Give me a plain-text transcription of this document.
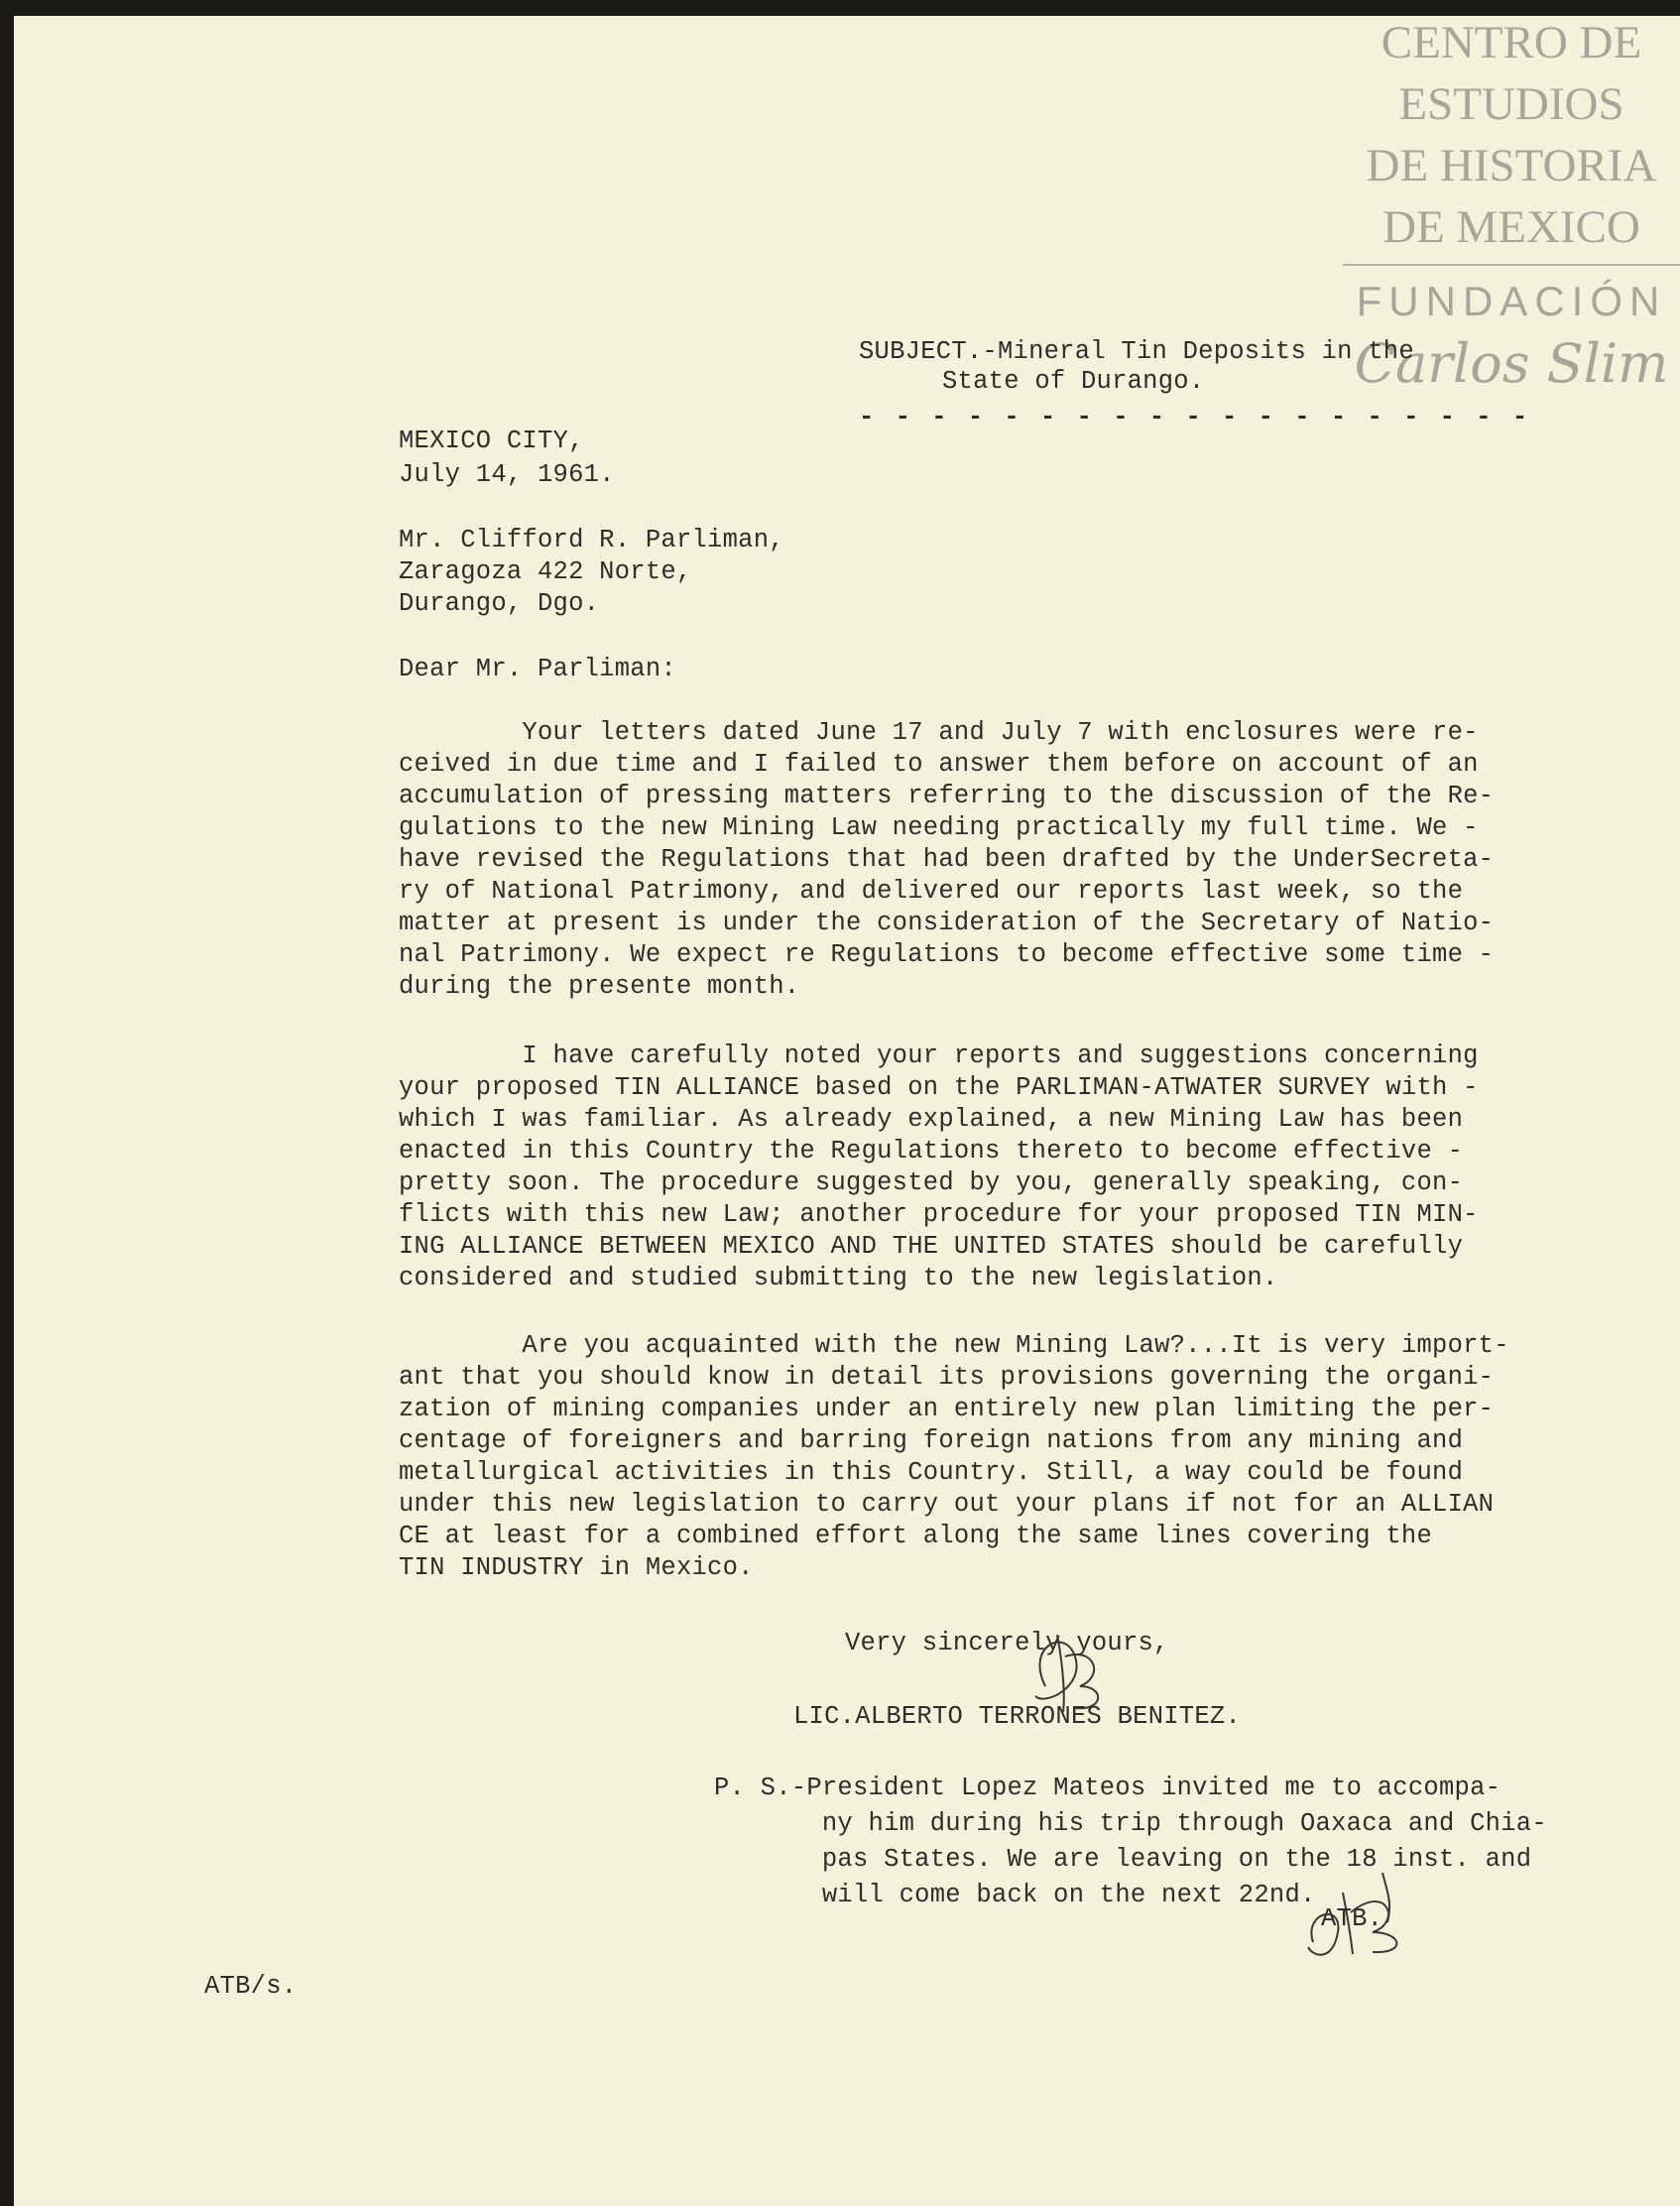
CENTRO DE
ESTUDIOS
DE HISTORIA
DE MEXICO
FUNDACIÓN
Carlos Slim
SUBJECT.-Mineral Tin Deposits in the
State of Durango.
- - - - - - - - - - - - - - - - - - -
MEXICO CITY,
July 14, 1961.
Mr. Clifford R. Parliman,
Zaragoza 422 Norte,
Durango, Dgo.
Dear Mr. Parliman:
Your letters dated June 17 and July 7 with enclosures were re-
ceived in due time and I failed to answer them before on account of an
accumulation of pressing matters referring to the discussion of the Re-
gulations to the new Mining Law needing practically my full time. We -
have revised the Regulations that had been drafted by the UnderSecreta-
ry of National Patrimony, and delivered our reports last week, so the
matter at present is under the consideration of the Secretary of Natio-
nal Patrimony. We expect re Regulations to become effective some time -
during the presente month.
I have carefully noted your reports and suggestions concerning
your proposed TIN ALLIANCE based on the PARLIMAN-ATWATER SURVEY with -
which I was familiar. As already explained, a new Mining Law has been
enacted in this Country the Regulations thereto to become effective -
pretty soon. The procedure suggested by you, generally speaking, con-
flicts with this new Law; another procedure for your proposed TIN MIN-
ING ALLIANCE BETWEEN MEXICO AND THE UNITED STATES should be carefully
considered and studied submitting to the new legislation.
Are you acquainted with the new Mining Law?...It is very import-
ant that you should know in detail its provisions governing the organi-
zation of mining companies under an entirely new plan limiting the per-
centage of foreigners and barring foreign nations from any mining and
metallurgical activities in this Country. Still, a way could be found
under this new legislation to carry out your plans if not for an ALLIAN
CE at least for a combined effort along the same lines covering the
TIN INDUSTRY in Mexico.
Very sincerely yours,
LIC.ALBERTO TERRONES BENITEZ.
P. S.-President Lopez Mateos invited me to accompa-
ny him during his trip through Oaxaca and Chia-
pas States. We are leaving on the 18 inst. and
will come back on the next 22nd.
ATB.
ATB/s.
